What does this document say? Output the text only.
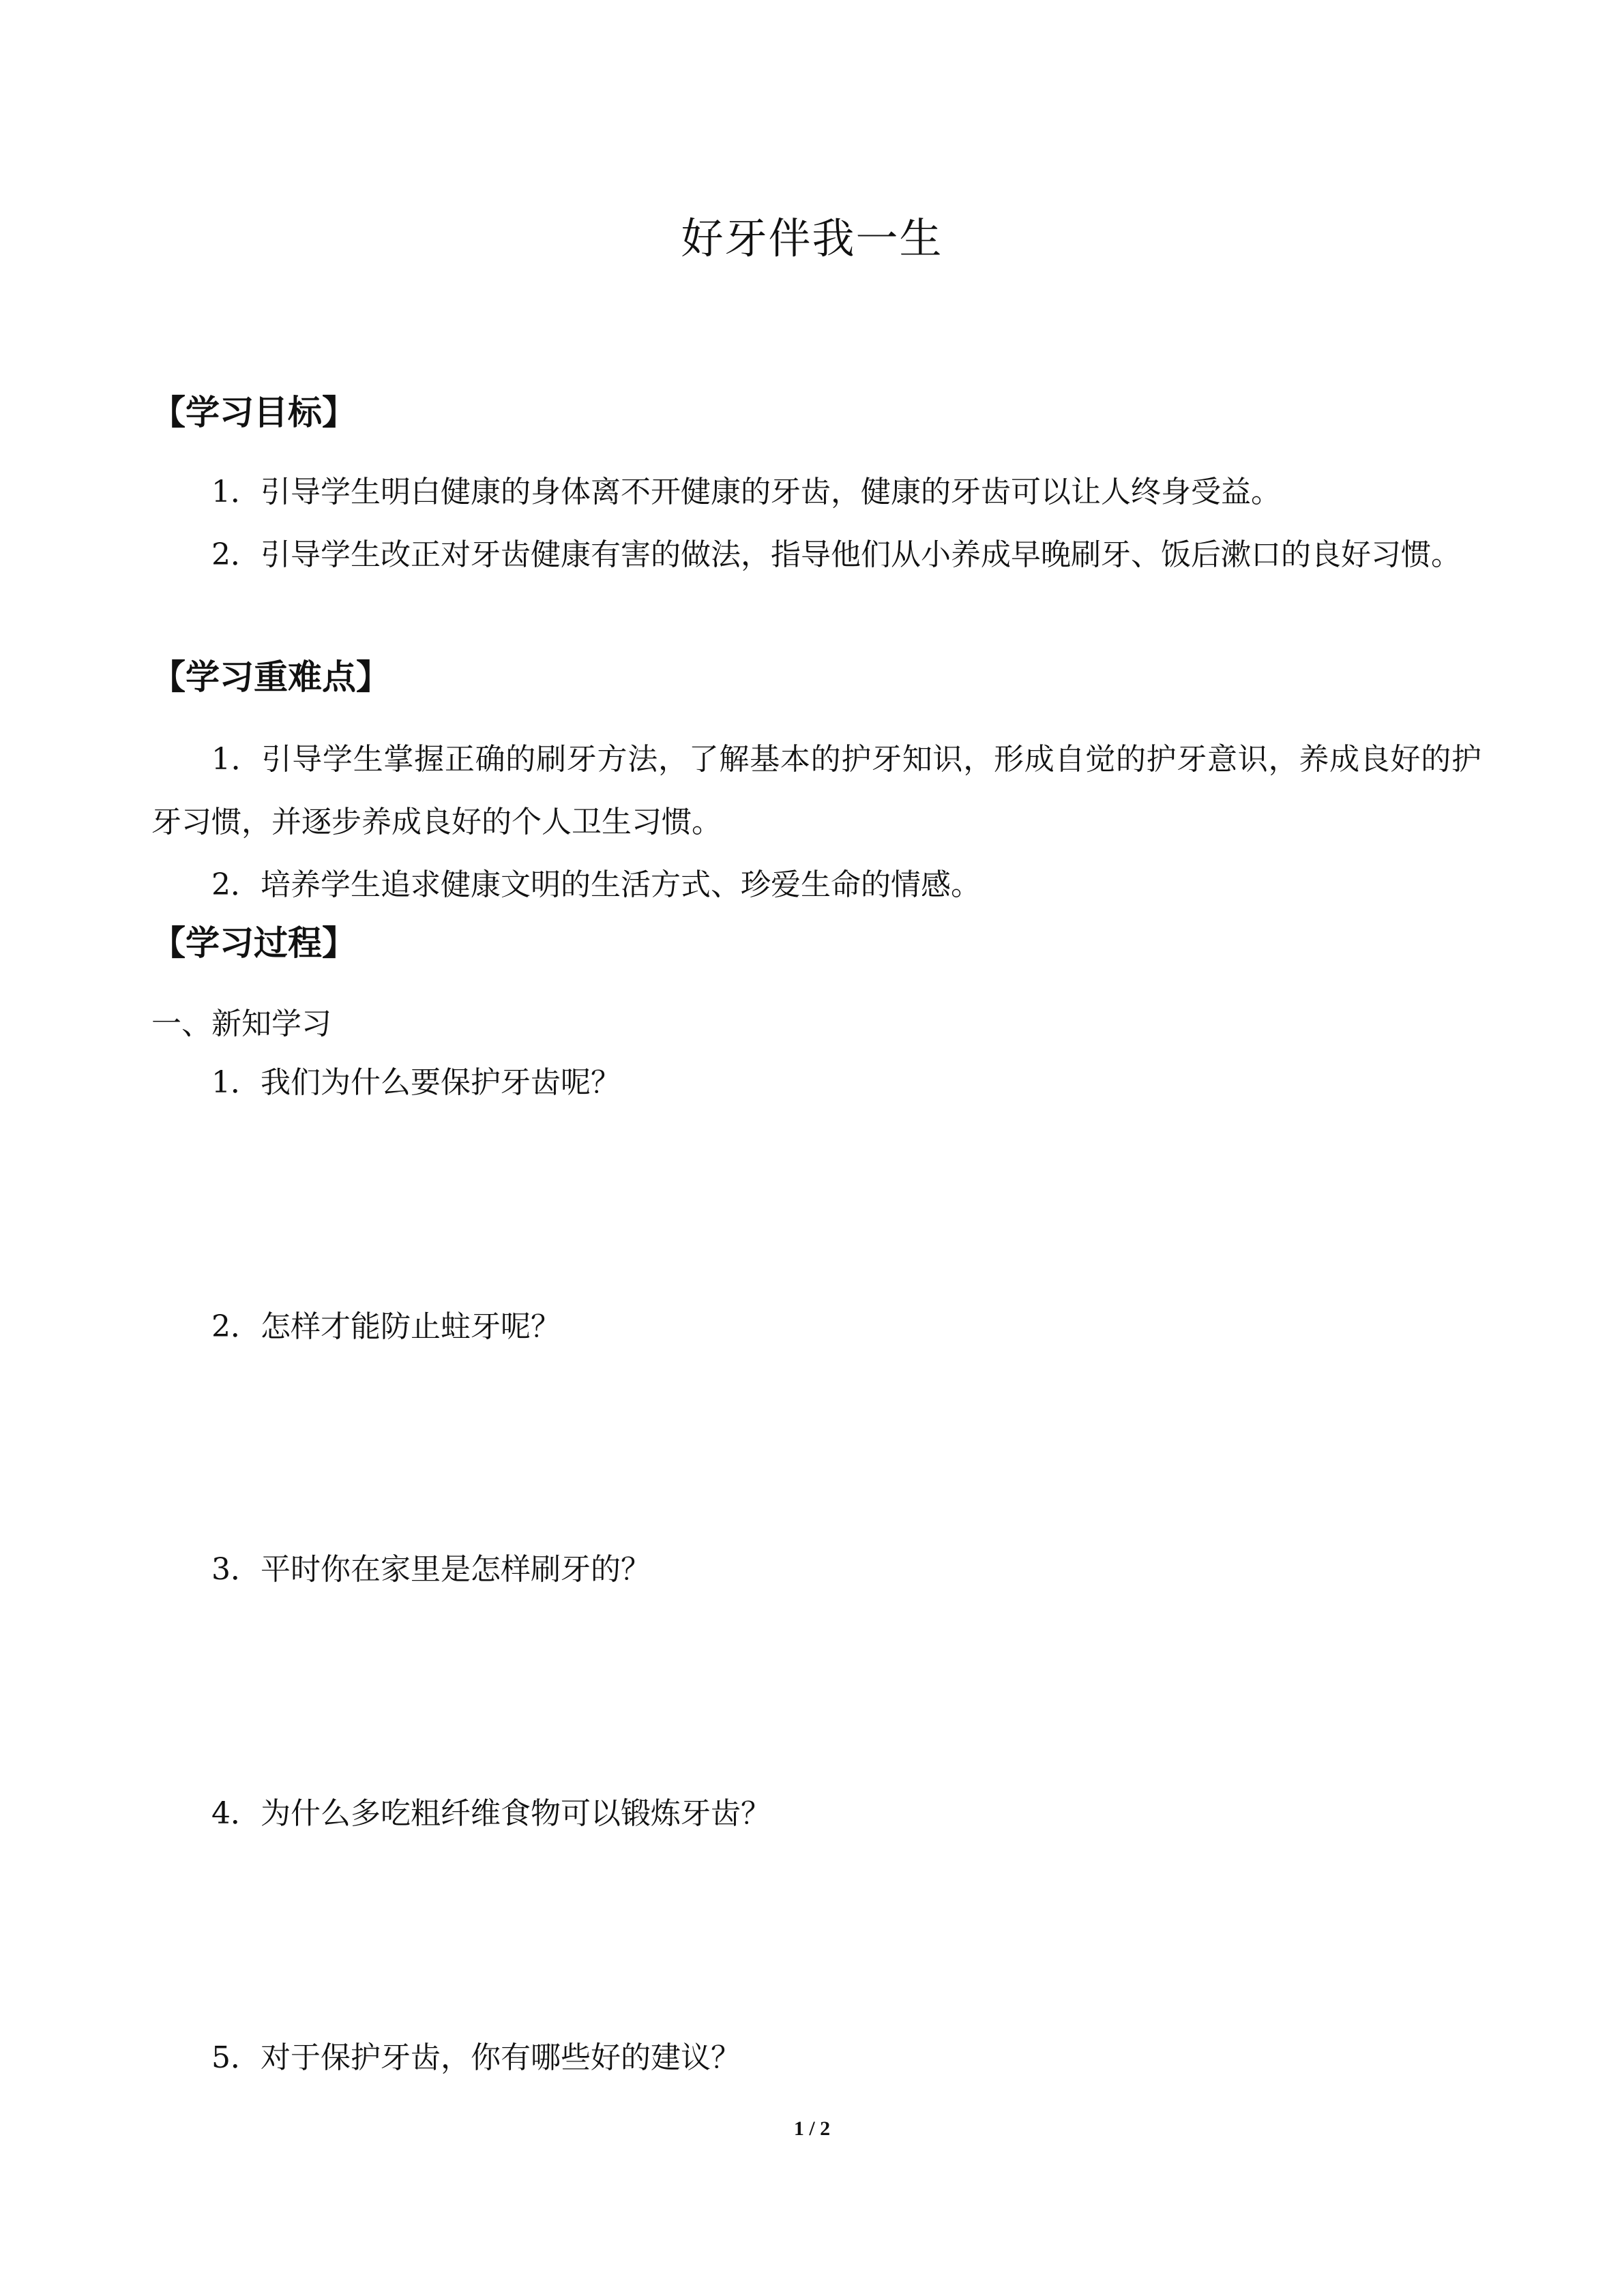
好牙伴我一生
【学习目标】
1．引导学生明白健康的身体离不开健康的牙齿，健康的牙齿可以让人终身受益。
2．引导学生改正对牙齿健康有害的做法，指导他们从小养成早晚刷牙、饭后漱口的良好习惯。
【学习重难点】
1．引导学生掌握正确的刷牙方法，了解基本的护牙知识，形成自觉的护牙意识，养成良好的护牙习惯，并逐步养成良好的个人卫生习惯。
2．培养学生追求健康文明的生活方式、珍爱生命的情感。
【学习过程】
一、新知学习
1．我们为什么要保护牙齿呢？
2．怎样才能防止蛀牙呢？
3．平时你在家里是怎样刷牙的？
4．为什么多吃粗纤维食物可以锻炼牙齿？
5．对于保护牙齿，你有哪些好的建议？
1 / 2
